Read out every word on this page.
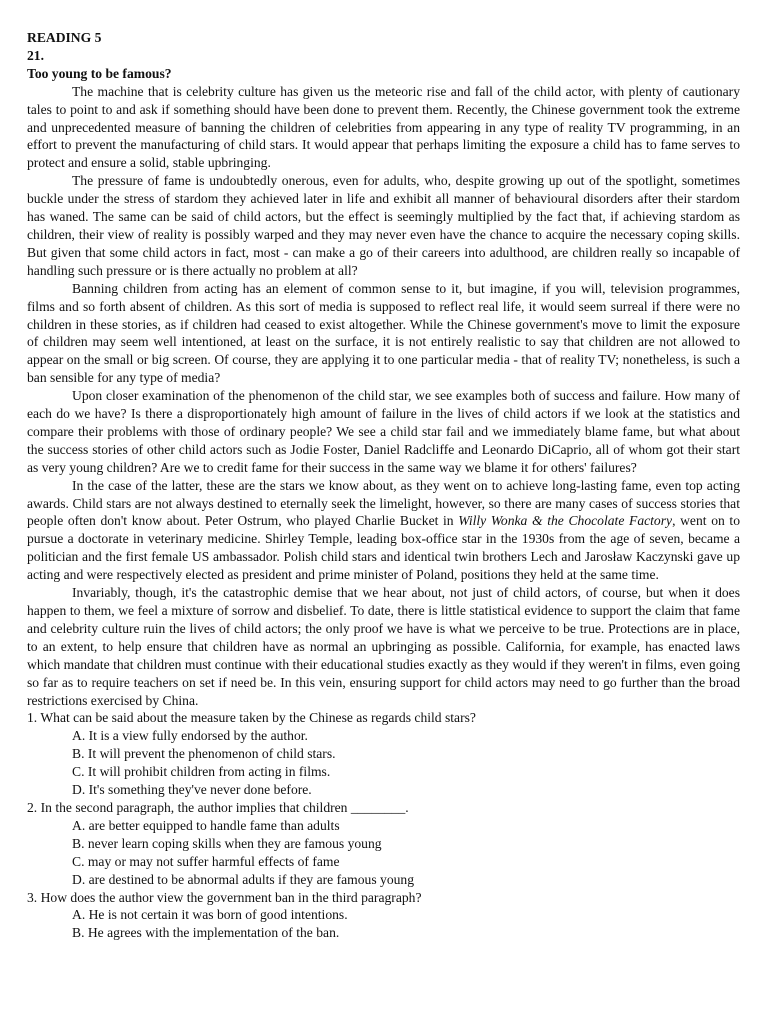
READING 5

21.

Too young to be famous?

The machine that is celebrity culture has given us the meteoric rise and fall of the child actor, with plenty of cautionary tales to point to and ask if something should have been done to prevent them. Recently, the Chinese government took the extreme and unprecedented measure of banning the children of celebrities from appearing in any type of reality TV programming, in an effort to prevent the manufacturing of child stars. It would appear that perhaps limiting the exposure a child has to fame serves to protect and ensure a solid, stable upbringing.

The pressure of fame is undoubtedly onerous, even for adults, who, despite growing up out of the spotlight, sometimes buckle under the stress of stardom they achieved later in life and exhibit all manner of behavioural disorders after their stardom has waned. The same can be said of child actors, but the effect is seemingly multiplied by the fact that, if achieving stardom as children, their view of reality is possibly warped and they may never even have the chance to acquire the necessary coping skills. But given that some child actors in fact, most - can make a go of their careers into adulthood, are children really so incapable of handling such pressure or is there actually no problem at all?

Banning children from acting has an element of common sense to it, but imagine, if you will, television programmes, films and so forth absent of children. As this sort of media is supposed to reflect real life, it would seem surreal if there were no children in these stories, as if children had ceased to exist altogether. While the Chinese government's move to limit the exposure of children may seem well intentioned, at least on the surface, it is not entirely realistic to say that children are not allowed to appear on the small or big screen. Of course, they are applying it to one particular media - that of reality TV; nonetheless, is such a ban sensible for any type of media?

Upon closer examination of the phenomenon of the child star, we see examples both of success and failure. How many of each do we have? Is there a disproportionately high amount of failure in the lives of child actors if we look at the statistics and compare their problems with those of ordinary people? We see a child star fail and we immediately blame fame, but what about the success stories of other child actors such as Jodie Foster, Daniel Radcliffe and Leonardo DiCaprio, all of whom got their start as very young children? Are we to credit fame for their success in the same way we blame it for others' failures?

In the case of the latter, these are the stars we know about, as they went on to achieve long-lasting fame, even top acting awards. Child stars are not always destined to eternally seek the limelight, however, so there are many cases of success stories that people often don't know about. Peter Ostrum, who played Charlie Bucket in Willy Wonka & the Chocolate Factory, went on to pursue a doctorate in veterinary medicine. Shirley Temple, leading box-office star in the 1930s from the age of seven, became a politician and the first female US ambassador. Polish child stars and identical twin brothers Lech and Jarosław Kaczynski gave up acting and were respectively elected as president and prime minister of Poland, positions they held at the same time.

Invariably, though, it's the catastrophic demise that we hear about, not just of child actors, of course, but when it does happen to them, we feel a mixture of sorrow and disbelief. To date, there is little statistical evidence to support the claim that fame and celebrity culture ruin the lives of child actors; the only proof we have is what we perceive to be true. Protections are in place, to an extent, to help ensure that children have as normal an upbringing as possible. California, for example, has enacted laws which mandate that children must continue with their educational studies exactly as they would if they weren't in films, even going so far as to require teachers on set if need be. In this vein, ensuring support for child actors may need to go further than the broad restrictions exercised by China.

1. What can be said about the measure taken by the Chinese as regards child stars?

A. It is a view fully endorsed by the author.
B. It will prevent the phenomenon of child stars.
C. It will prohibit children from acting in films.
D. It's something they've never done before.

2. In the second paragraph, the author implies that children ________.

A. are better equipped to handle fame than adults
B. never learn coping skills when they are famous young
C. may or may not suffer harmful effects of fame
D. are destined to be abnormal adults if they are famous young

3. How does the author view the government ban in the third paragraph?

A. He is not certain it was born of good intentions.
B. He agrees with the implementation of the ban.
